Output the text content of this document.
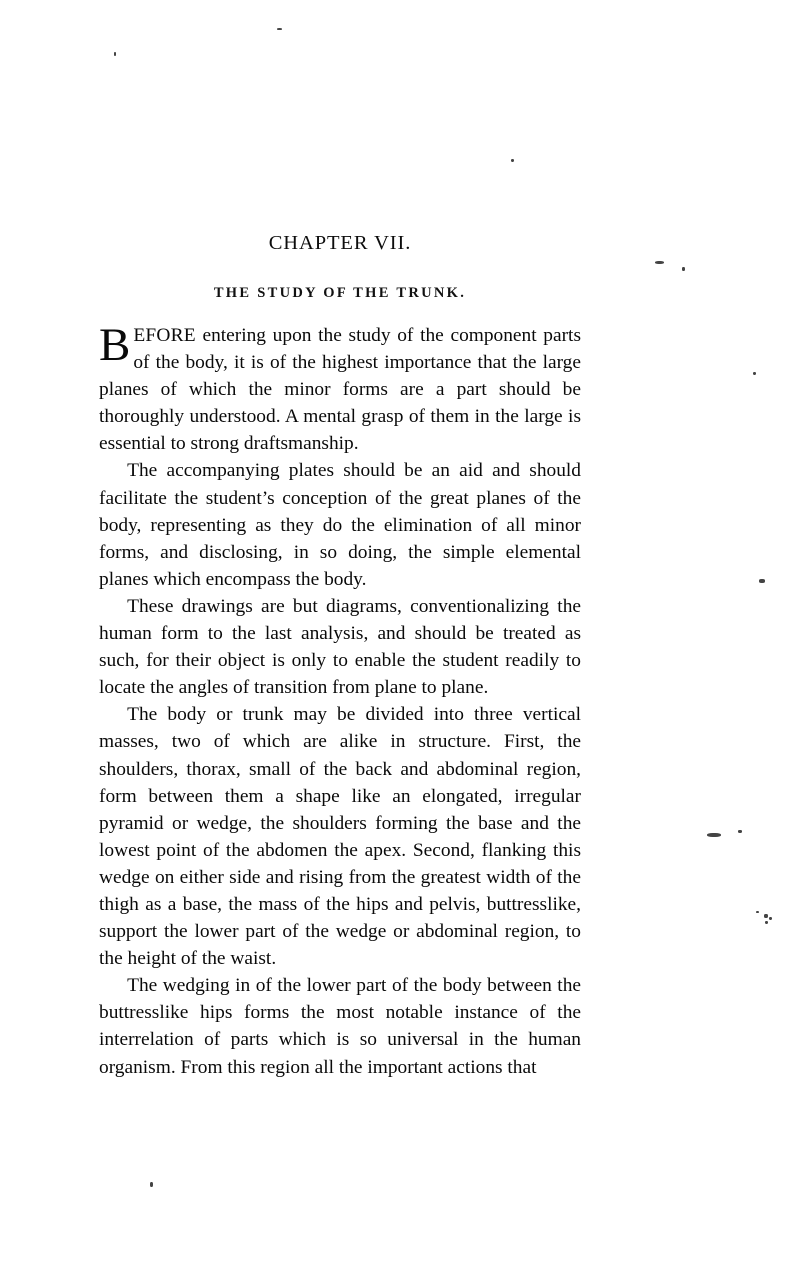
CHAPTER VII.
THE STUDY OF THE TRUNK.

BEFORE entering upon the study of the component parts of the body, it is of the highest importance that the large planes of which the minor forms are a part should be thoroughly understood. A mental grasp of them in the large is essential to strong draftsmanship.

The accompanying plates should be an aid and should facilitate the student’s conception of the great planes of the body, representing as they do the elimination of all minor forms, and disclosing, in so doing, the simple elemental planes which encompass the body.

These drawings are but diagrams, conventionalizing the human form to the last analysis, and should be treated as such, for their object is only to enable the student readily to locate the angles of transition from plane to plane.

The body or trunk may be divided into three vertical masses, two of which are alike in structure. First, the shoulders, thorax, small of the back and abdominal region, form between them a shape like an elongated, irregular pyramid or wedge, the shoulders forming the base and the lowest point of the abdomen the apex. Second, flanking this wedge on either side and rising from the greatest width of the thigh as a base, the mass of the hips and pelvis, buttresslike, support the lower part of the wedge or abdominal region, to the height of the waist.

The wedging in of the lower part of the body between the buttresslike hips forms the most notable instance of the interrelation of parts which is so universal in the human organism. From this region all the important actions that
